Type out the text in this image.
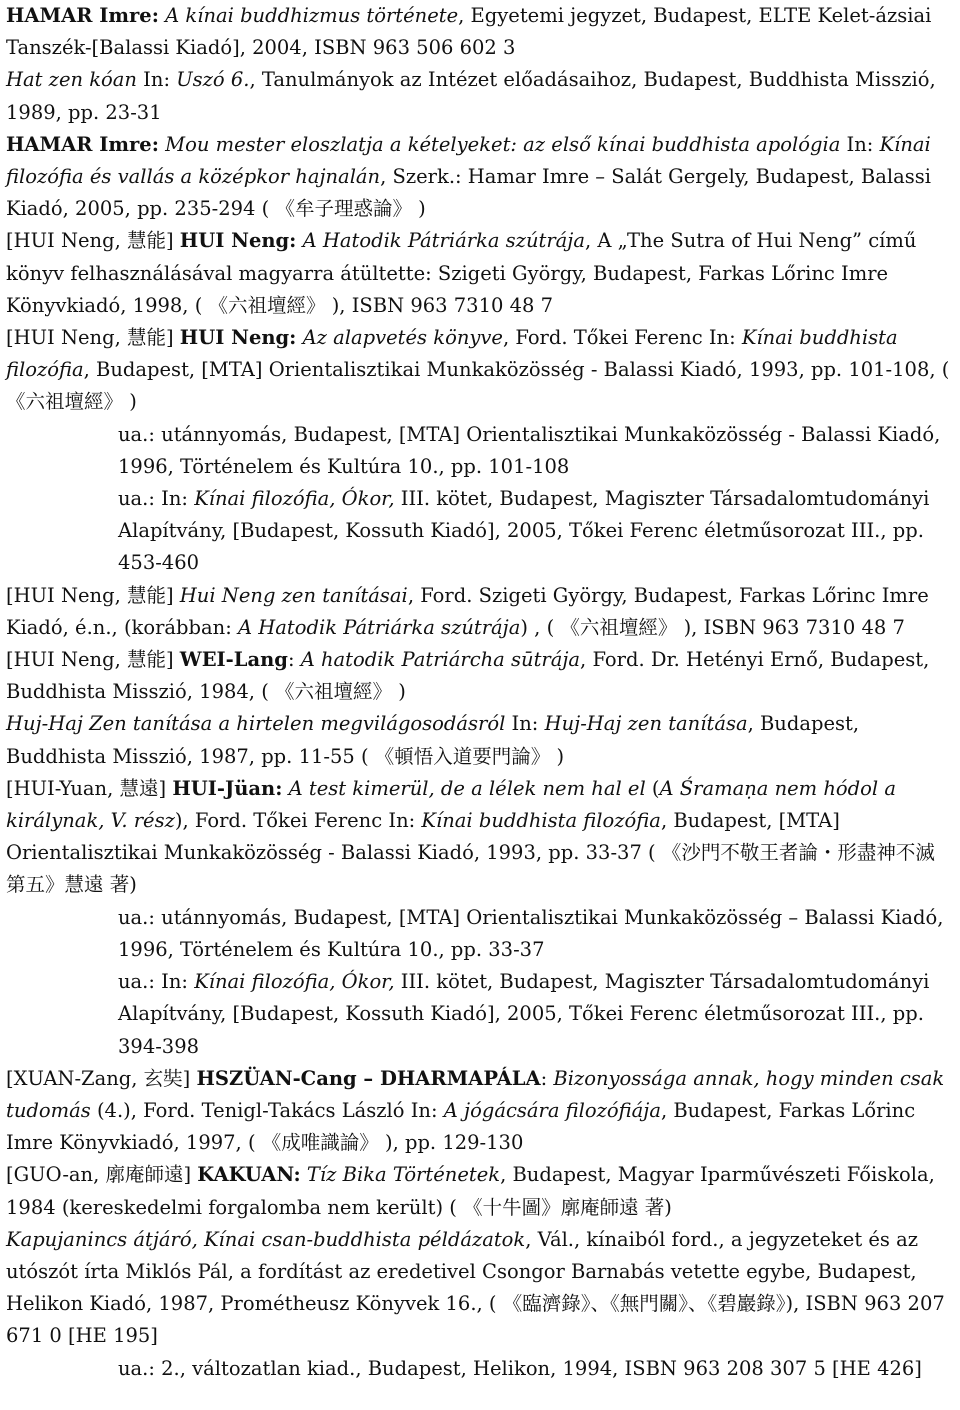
HAMAR Imre: A kínai buddhizmus története, Egyetemi jegyzet, Budapest, ELTE Kelet-ázsiai Tanszék-[Balassi Kiadó], 2004, ISBN 963 506 602 3

Hat zen kóan In: Uszó 6., Tanulmányok az Intézet előadásaihoz, Budapest, Buddhista Misszió, 1989, pp. 23-31

HAMAR Imre: Mou mester eloszlatja a kételyeket: az első kínai buddhista apológia In: Kínai filozófia és vallás a középkor hajnalán, Szerk.: Hamar Imre – Salát Gergely, Budapest, Balassi Kiadó, 2005, pp. 235-294 ( 《牟子理惑論》 )

[HUI Neng, 慧能] HUI Neng: A Hatodik Pátriárka szútrája, A „The Sutra of Hui Neng” című könyv felhasználásával magyarra átültette: Szigeti György, Budapest, Farkas Lőrinc Imre Könyvkiadó, 1998, ( 《六祖壇經》 ), ISBN 963 7310 48 7

[HUI Neng, 慧能] HUI Neng: Az alapvetés könyve, Ford. Tőkei Ferenc In: Kínai buddhista filozófia, Budapest, [MTA] Orientalisztikai Munkaközösség - Balassi Kiadó, 1993, pp. 101-108, ( 《六祖壇經》 )

ua.: utánnyomás, Budapest, [MTA] Orientalisztikai Munkaközösség - Balassi Kiadó, 1996, Történelem és Kultúra 10., pp. 101-108

ua.: In: Kínai filozófia, Ókor, III. kötet, Budapest, Magiszter Társadalomtudományi Alapítvány, [Budapest, Kossuth Kiadó], 2005, Tőkei Ferenc életműsorozat III., pp. 453-460

[HUI Neng, 慧能] Hui Neng zen tanításai, Ford. Szigeti György, Budapest, Farkas Lőrinc Imre Kiadó, é.n., (korábban: A Hatodik Pátriárka szútrája) , ( 《六祖壇經》 ), ISBN 963 7310 48 7

[HUI Neng, 慧能] WEI-Lang: A hatodik Patriárcha sūtrája, Ford. Dr. Hetényi Ernő, Budapest, Buddhista Misszió, 1984, ( 《六祖壇經》 )

Huj-Haj Zen tanítása a hirtelen megvilágosodásról In: Huj-Haj zen tanítása, Budapest, Buddhista Misszió, 1987, pp. 11-55 ( 《頓悟入道要門論》 )

[HUI-Yuan, 慧遠] HUI-Jüan: A test kimerül, de a lélek nem hal el (A Śramaṇa nem hódol a királynak, V. rész), Ford. Tőkei Ferenc In: Kínai buddhista filozófia, Budapest, [MTA] Orientalisztikai Munkaközösség - Balassi Kiadó, 1993, pp. 33-37 ( 《沙門不敬王者論・形盡神不滅第五》慧遠 著)

ua.: utánnyomás, Budapest, [MTA] Orientalisztikai Munkaközösség – Balassi Kiadó, 1996, Történelem és Kultúra 10., pp. 33-37

ua.: In: Kínai filozófia, Ókor, III. kötet, Budapest, Magiszter Társadalomtudományi Alapítvány, [Budapest, Kossuth Kiadó], 2005, Tőkei Ferenc életműsorozat III., pp. 394-398

[XUAN-Zang, 玄奘] HSZÜAN-Cang – DHARMAPÁLA: Bizonyossága annak, hogy minden csak tudomás (4.), Ford. Tenigl-Takács László In: A jógácsára filozófiája, Budapest, Farkas Lőrinc Imre Könyvkiadó, 1997, ( 《成唯識論》 ), pp. 129-130

[GUO-an, 廓庵師遠] KAKUAN: Tíz Bika Történetek, Budapest, Magyar Iparművészeti Főiskola, 1984 (kereskedelmi forgalomba nem került) ( 《十牛圖》廓庵師遠 著)

Kapujanincs átjáró, Kínai csan-buddhista példázatok, Vál., kínaiból ford., a jegyzeteket és az utószót írta Miklós Pál, a fordítást az eredetivel Csongor Barnabás vetette egybe, Budapest, Helikon Kiadó, 1987, Prométheusz Könyvek 16., ( 《臨濟錄》、《無門關》、《碧巖錄》), ISBN 963 207 671 0 [HE 195]

ua.: 2., változatlan kiad., Budapest, Helikon, 1994, ISBN 963 208 307 5 [HE 426]
